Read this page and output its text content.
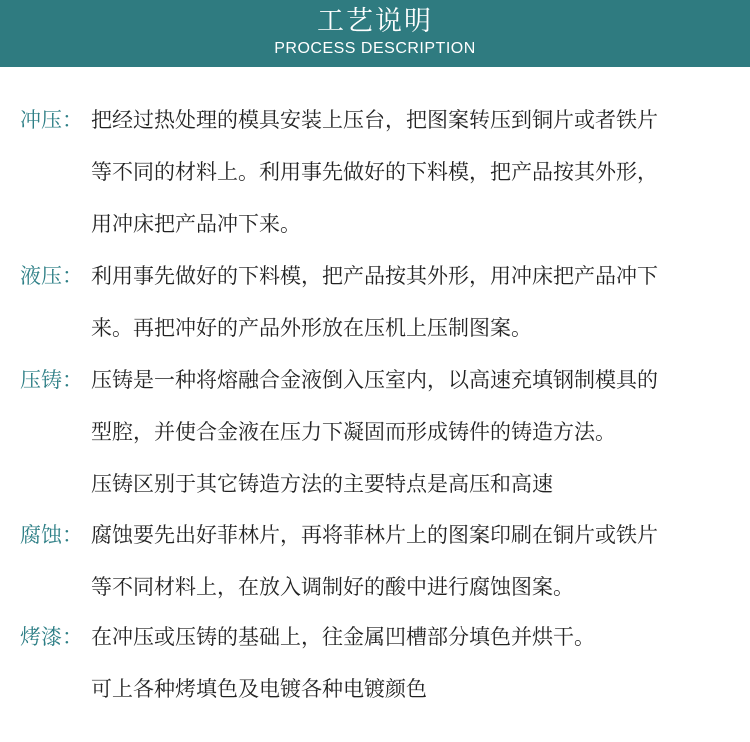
工艺说明
PROCESS DESCRIPTION
冲压： 把经过热处理的模具安装上压台，把图案转压到铜片或者铁片
等不同的材料上。利用事先做好的下料模，把产品按其外形，
用冲床把产品冲下来。
液压： 利用事先做好的下料模，把产品按其外形，用冲床把产品冲下
来。再把冲好的产品外形放在压机上压制图案。
压铸： 压铸是一种将熔融合金液倒入压室内，以高速充填钢制模具的
型腔，并使合金液在压力下凝固而形成铸件的铸造方法。
压铸区别于其它铸造方法的主要特点是高压和高速
腐蚀： 腐蚀要先出好菲林片，再将菲林片上的图案印刷在铜片或铁片
等不同材料上，在放入调制好的酸中进行腐蚀图案。
烤漆： 在冲压或压铸的基础上，往金属凹槽部分填色并烘干。
可上各种烤填色及电镀各种电镀颜色
